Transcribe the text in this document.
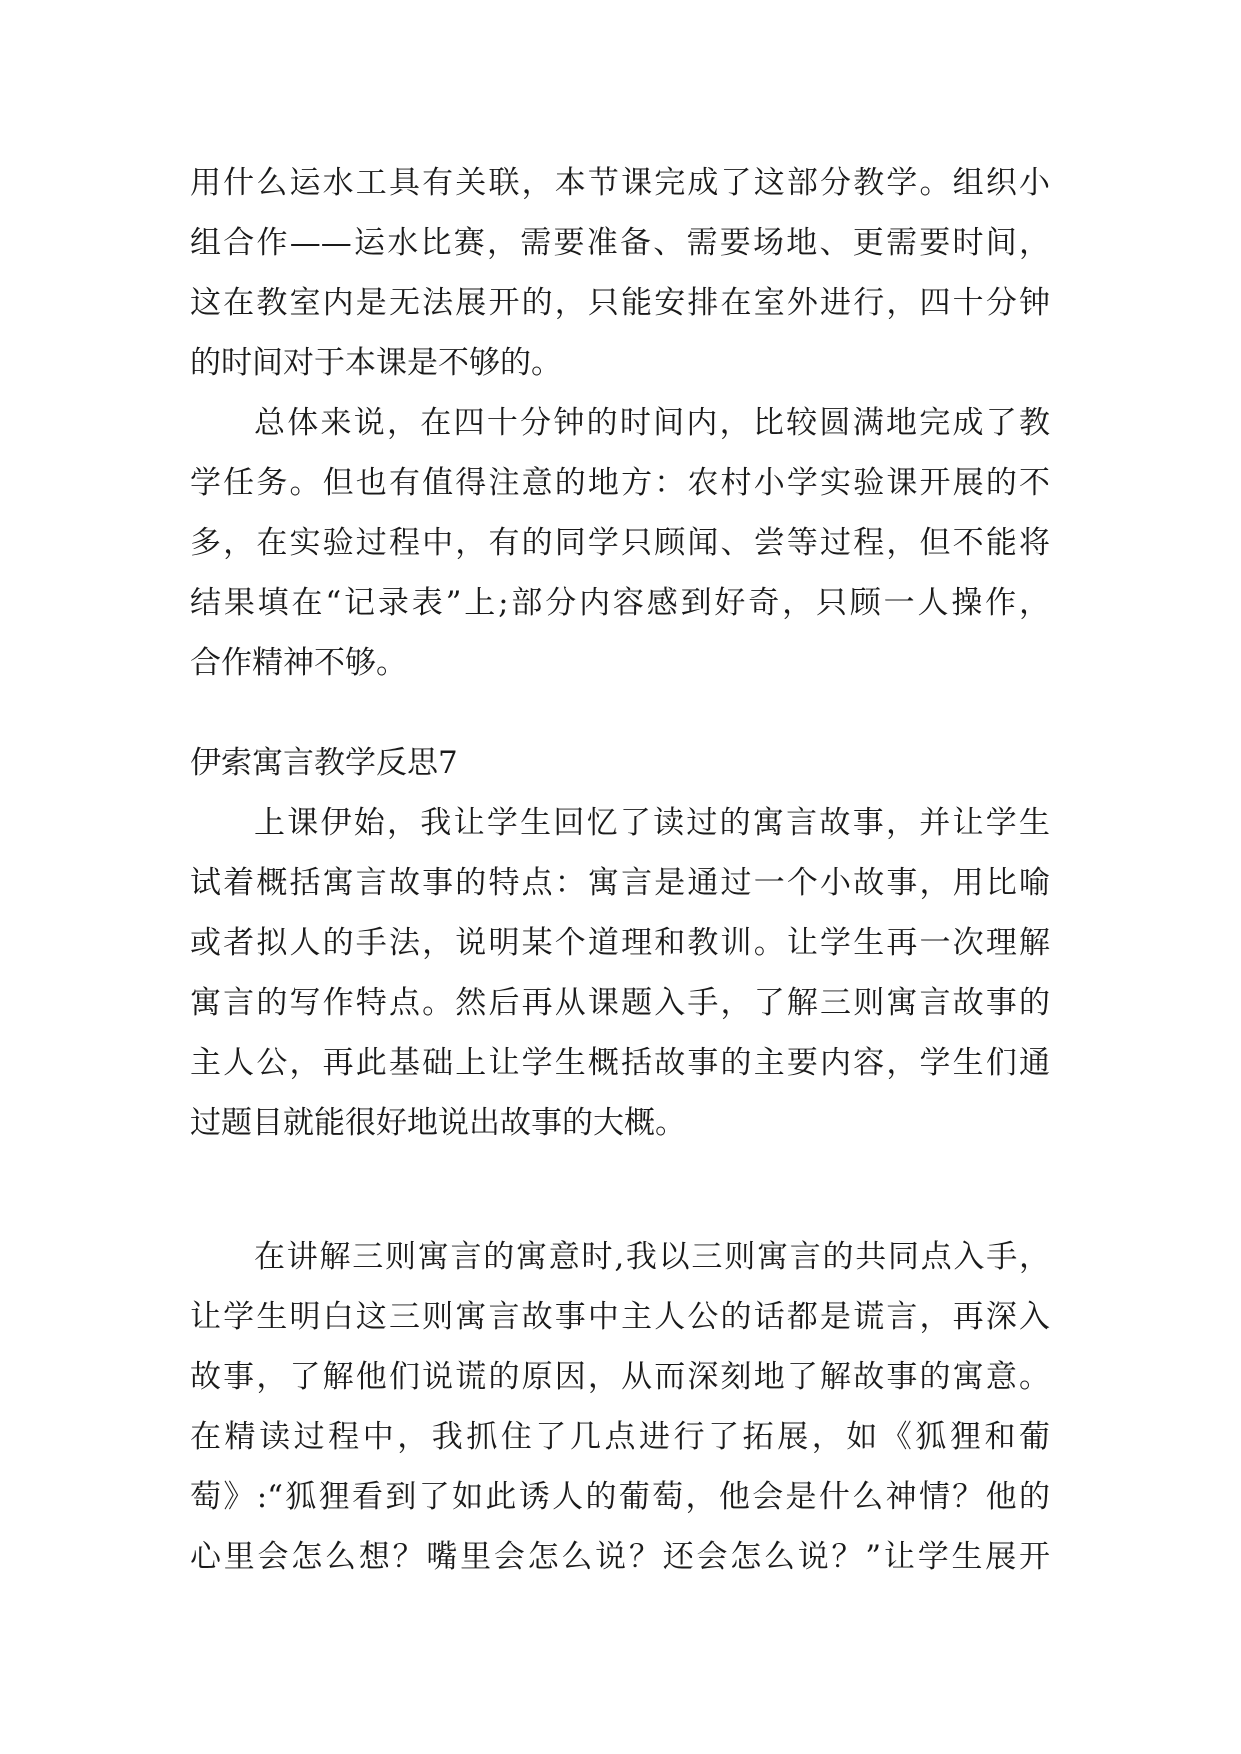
用什么运水工具有关联，本节课完成了这部分教学。组织小
组合作——运水比赛，需要准备、需要场地、更需要时间，
这在教室内是无法展开的，只能安排在室外进行，四十分钟
的时间对于本课是不够的。
总体来说，在四十分钟的时间内，比较圆满地完成了教
学任务。但也有值得注意的地方：农村小学实验课开展的不
多，在实验过程中，有的同学只顾闻、尝等过程，但不能将
结果填在“记录表”上;部分内容感到好奇，只顾一人操作，
合作精神不够。
伊索寓言教学反思7
上课伊始，我让学生回忆了读过的寓言故事，并让学生
试着概括寓言故事的特点：寓言是通过一个小故事，用比喻
或者拟人的手法，说明某个道理和教训。让学生再一次理解
寓言的写作特点。然后再从课题入手，了解三则寓言故事的
主人公，再此基础上让学生概括故事的主要内容，学生们通
过题目就能很好地说出故事的大概。
在讲解三则寓言的寓意时,我以三则寓言的共同点入手，
让学生明白这三则寓言故事中主人公的话都是谎言，再深入
故事，了解他们说谎的原因，从而深刻地了解故事的寓意。
在精读过程中，我抓住了几点进行了拓展，如《狐狸和葡
萄》:“狐狸看到了如此诱人的葡萄，他会是什么神情？他的
心里会怎么想？嘴里会怎么说？还会怎么说？”让学生展开
